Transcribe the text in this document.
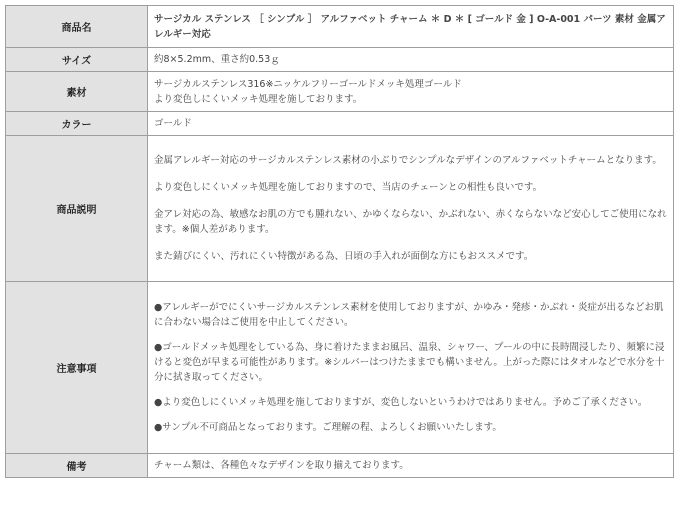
商品名	サージカル ステンレス ［ シンプル ］ アルファベット チャーム ＊ D ＊ [ ゴールド 金 ] O-A-001 パーツ 素材 金属アレルギー対応
サイズ	約8×5.2mm、重さ約0.53ｇ
素材	サージカルステンレス316※ニッケルフリーゴールドメッキ処理ゴールド
より変色しにくいメッキ処理を施しております。

カラー	ゴールド
商品説明	金属アレルギー対応のサージカルステンレス素材の小ぶりでシンプルなデザインのアルファベットチャームとなります。
より変色しにくいメッキ処理を施しておりますので、当店のチェーンとの相性も良いです。
金アレ対応の為、敏感なお肌の方でも腫れない、かゆくならない、かぶれない、赤くならないなど安心してご使用になれます。※個人差があります。
また錆びにくい、汚れにくい特徴がある為、日頃の手入れが面倒な方にもおススメです。

注意事項	●アレルギーがでにくいサージカルステンレス素材を使用しておりますが、かゆみ・発疹・かぶれ・炎症が出るなどお肌に合わない場合はご使用を中止してください。
●ゴールドメッキ処理をしている為、身に着けたままお風呂、温泉、シャワー、プールの中に長時間浸したり、頻繁に浸けると変色が早まる可能性があります。※シルバーはつけたままでも構いません。上がった際にはタオルなどで水分を十分に拭き取ってください。
●より変色しにくいメッキ処理を施しておりますが、変色しないというわけではありません。予めご了承ください。
●サンプル不可商品となっております。ご理解の程、よろしくお願いいたします。

備考	チャーム類は、各種色々なデザインを取り揃えております。
